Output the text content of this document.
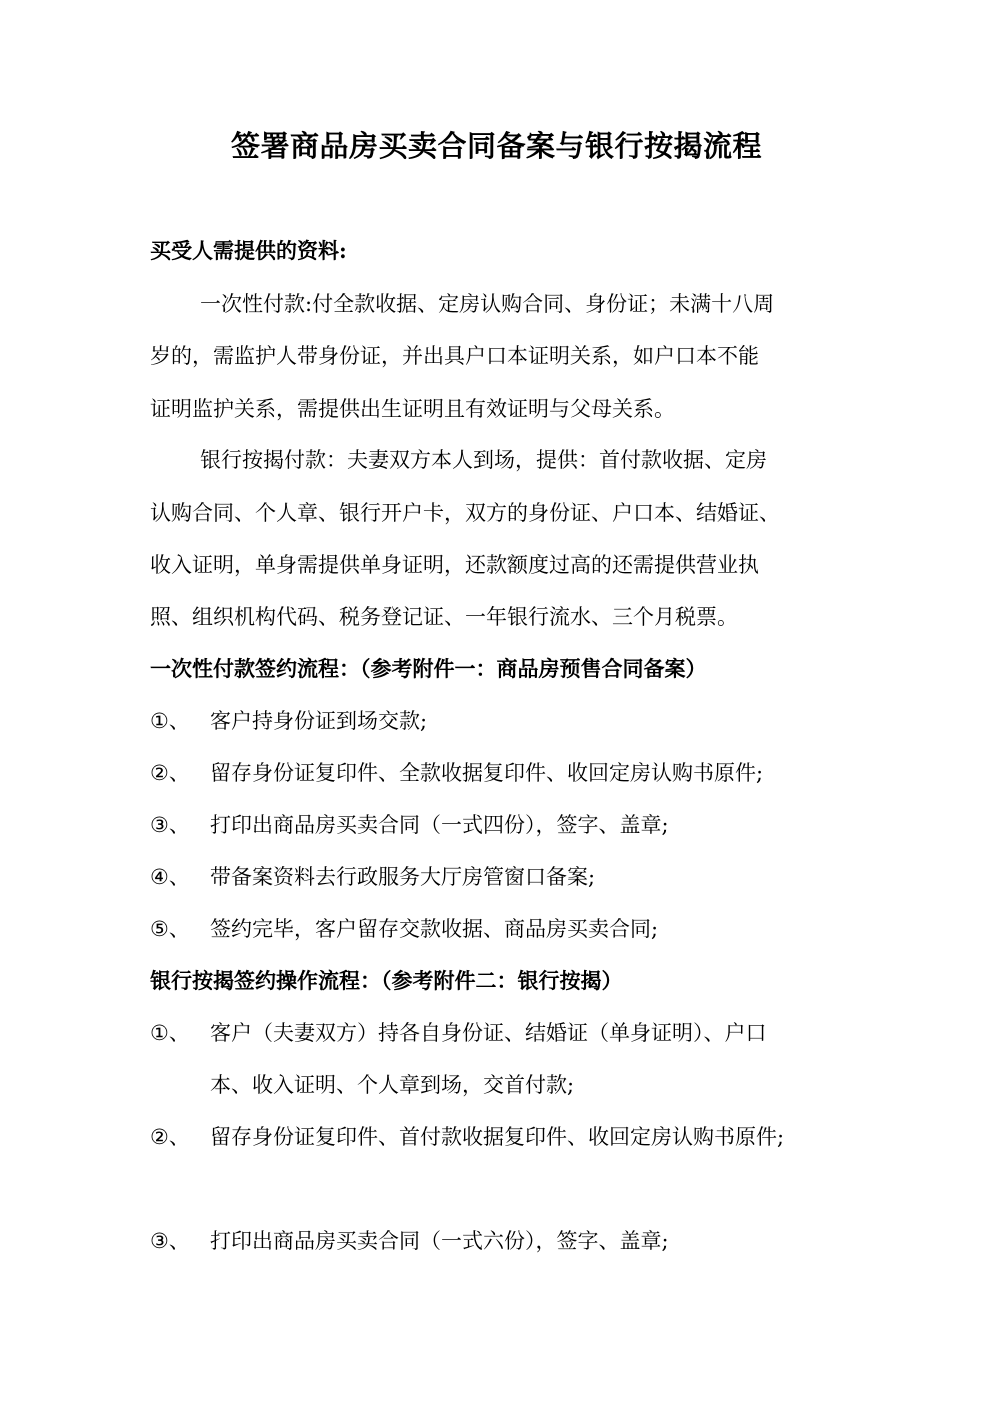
签署商品房买卖合同备案与银行按揭流程
买受人需提供的资料:
一次性付款:付全款收据、定房认购合同、身份证；未满十八周
岁的，需监护人带身份证，并出具户口本证明关系，如户口本不能
证明监护关系，需提供出生证明且有效证明与父母关系。
银行按揭付款：夫妻双方本人到场，提供：首付款收据、定房
认购合同、个人章、银行开户卡，双方的身份证、户口本、结婚证、
收入证明，单身需提供单身证明，还款额度过高的还需提供营业执
照、组织机构代码、税务登记证、一年银行流水、三个月税票。
一次性付款签约流程：（参考附件一：商品房预售合同备案）
①、 客户持身份证到场交款;
②、 留存身份证复印件、全款收据复印件、收回定房认购书原件;
③、 打印出商品房买卖合同（一式四份），签字、盖章;
④、 带备案资料去行政服务大厅房管窗口备案;
⑤、 签约完毕，客户留存交款收据、商品房买卖合同;
银行按揭签约操作流程：（参考附件二：银行按揭）
①、 客户（夫妻双方）持各自身份证、结婚证（单身证明）、户口
本、收入证明、个人章到场，交首付款;
②、 留存身份证复印件、首付款收据复印件、收回定房认购书原件;
③、 打印出商品房买卖合同（一式六份），签字、盖章;
